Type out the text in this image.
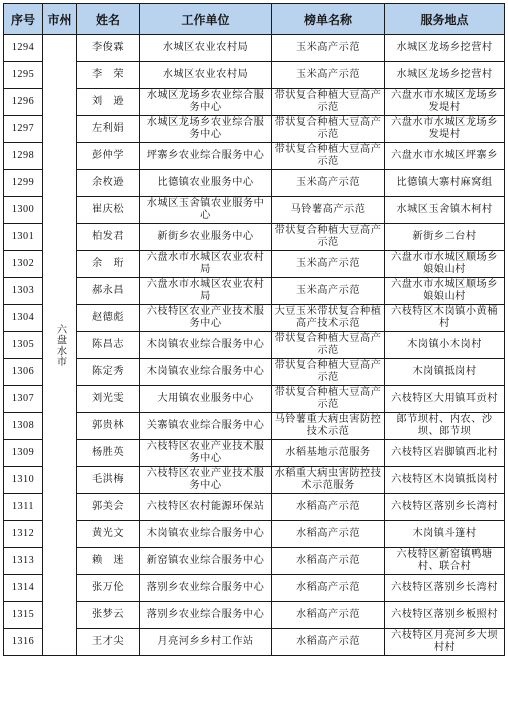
序号	市州	姓名	工作单位	榜单名称	服务地点
1294	六盘水市	李俊霖	水城区农业农村局	玉米高产示范	水城区龙场乡挖营村
1295		李　荣	水城区农业农村局	玉米高产示范	水城区龙场乡挖营村
1296		刘　逊	水城区龙场乡农业综合服务中心	带状复合种植大豆高产示范	六盘水市水城区龙场乡发堤村
1297		左利娟	水城区龙场乡农业综合服务中心	带状复合种植大豆高产示范	六盘水市水城区龙场乡发堤村
1298		彭仲学	坪寨乡农业综合服务中心	带状复合种植大豆高产示范	六盘水市水城区坪寨乡
1299		余枚逊	比德镇农业服务中心	玉米高产示范	比德镇大寨村麻窝组
1300		崔庆松	水城区玉舍镇农业服务中心	马铃薯高产示范	水城区玉舍镇木柯村
1301		柏发君	新街乡农业服务中心	带状复合种植大豆高产示范	新街乡二台村
1302		余　珩	六盘水市水城区农业农村局	玉米高产示范	六盘水市水城区顺场乡娘娘山村
1303		郝永昌	六盘水市水城区农业农村局	玉米高产示范	六盘水市水城区顺场乡娘娘山村
1304		赵德彪	六枝特区农业产业技术服务中心	大豆玉米带状复合种植高产技术示范	六枝特区木岗镇小黄桶村
1305		陈昌志	木岗镇农业综合服务中心	带状复合种植大豆高产示范	木岗镇小木岗村
1306		陈定秀	木岗镇农业综合服务中心	带状复合种植大豆高产示范	木岗镇抵岗村
1307		刘光雯	大用镇农业服务中心	带状复合种植大豆高产示范	六枝特区大用镇耳贡村
1308		郭贵林	关寨镇农业综合服务中心	马铃薯重大病虫害防控技术示范	郎节坝村、内农、沙坝、郎节坝
1309		杨胜英	六枝特区农业产业技术服务中心	水稻基地示范服务	六枝特区岩脚镇西北村
1310		毛洪梅	六枝特区农业产业技术服务中心	水稻重大病虫害防控技术示范服务	六枝特区木岗镇抵岗村
1311		郭美会	六枝特区农村能源环保站	水稻高产示范	六枝特区落别乡长湾村
1312		黄光文	木岗镇农业综合服务中心	水稻高产示范	木岗镇斗篷村
1313		赖　迷	新窑镇农业综合服务中心	水稻高产示范	六枝特区新窑镇鸭塘村、联合村
1314		张万伦	落别乡农业综合服务中心	水稻高产示范	六枝特区落别乡长湾村
1315		张梦云	落别乡农业综合服务中心	水稻高产示范	六枝特区落别乡板照村
1316		王才尖	月亮河乡乡村工作站	水稻高产示范	六枝特区月亮河乡大坝村村
